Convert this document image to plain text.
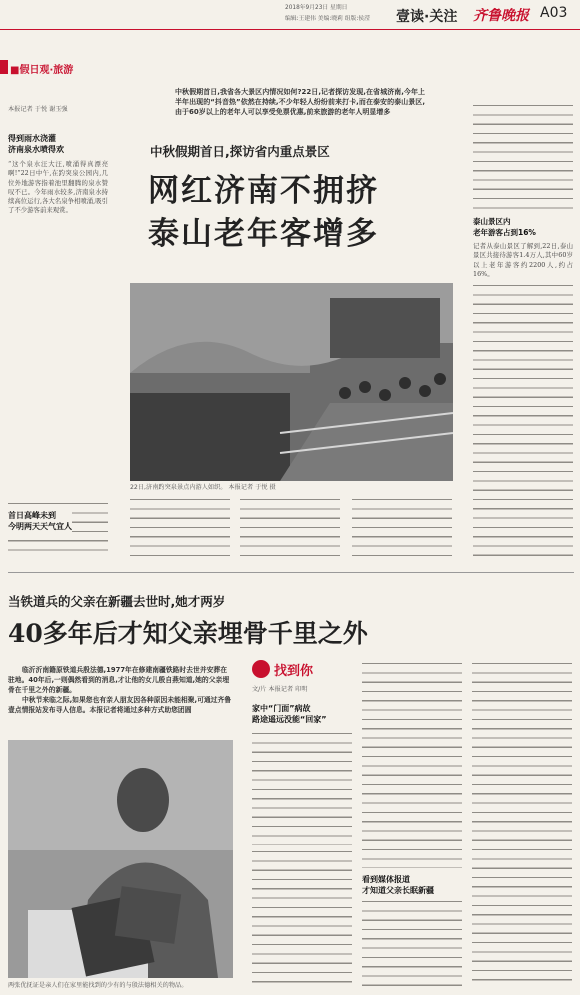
2018年9月23日 星期日
编辑:王建伟 美编:晓莉 组版:侯滢 壹读·关注 齐鲁晚报 A03
■假日观·旅游
中秋假期首日,我省各大景区内情况如何?22日,记者探访发现,在省城济南,今年上半年出现的“抖音热”依然在持续,不少年轻人纷纷前来打卡,而在泰安的泰山景区,由于60岁以上的老年人可以享受免票优惠,前来旅游的老年人明显增多
本报记者 于悦 谢玉强
得到雨水浇灌
济南泉水喷得欢
“这个泉水汪大汪,喷涌得真漂亮啊!”22日中午,在趵突泉公园内,几位外地游客指着池里翻腾的泉水赞叹不已。今年雨水较多,济南泉水持续高位运行,各大名泉争相喷涌,吸引了不少游客前来观赏。
中秋假期首日,探访省内重点景区
网红济南不拥挤
泰山老年客增多	泰山景区内
老年游客占到16%
记者从泰山景区了解到,22日,泰山景区共接待游客1.4万人,其中60岁以上老年游客约2200人,约占16%。
22日,济南趵突泉景点内游人如织。 本报记者 于悦 摄
首日高峰未到
今明两天天气宜人
当铁道兵的父亲在新疆去世时,她才两岁
40多年后才知父亲埋骨千里之外
临沂沂南籍原铁道兵殷法德,1977年在修建南疆铁路时去世并安葬在驻地。40年后,一则偶然看到的消息,才让他的女儿殷自燕知道,她的父亲埋骨在千里之外的新疆。
中秋节来临之际,如果您也有亲人朋友因各种原因未能相聚,可通过齐鲁壹点情报站发布寻人信息。本报记者将通过多种方式助您团圆
两张优抚证是亲人们在家里能找到的少有的与殷法德相关的物品。
找到你
文/片 本报记者 印明
家中“门面”病故
路途遥远没能“回家”
看到媒体报道
才知道父亲长眠新疆
